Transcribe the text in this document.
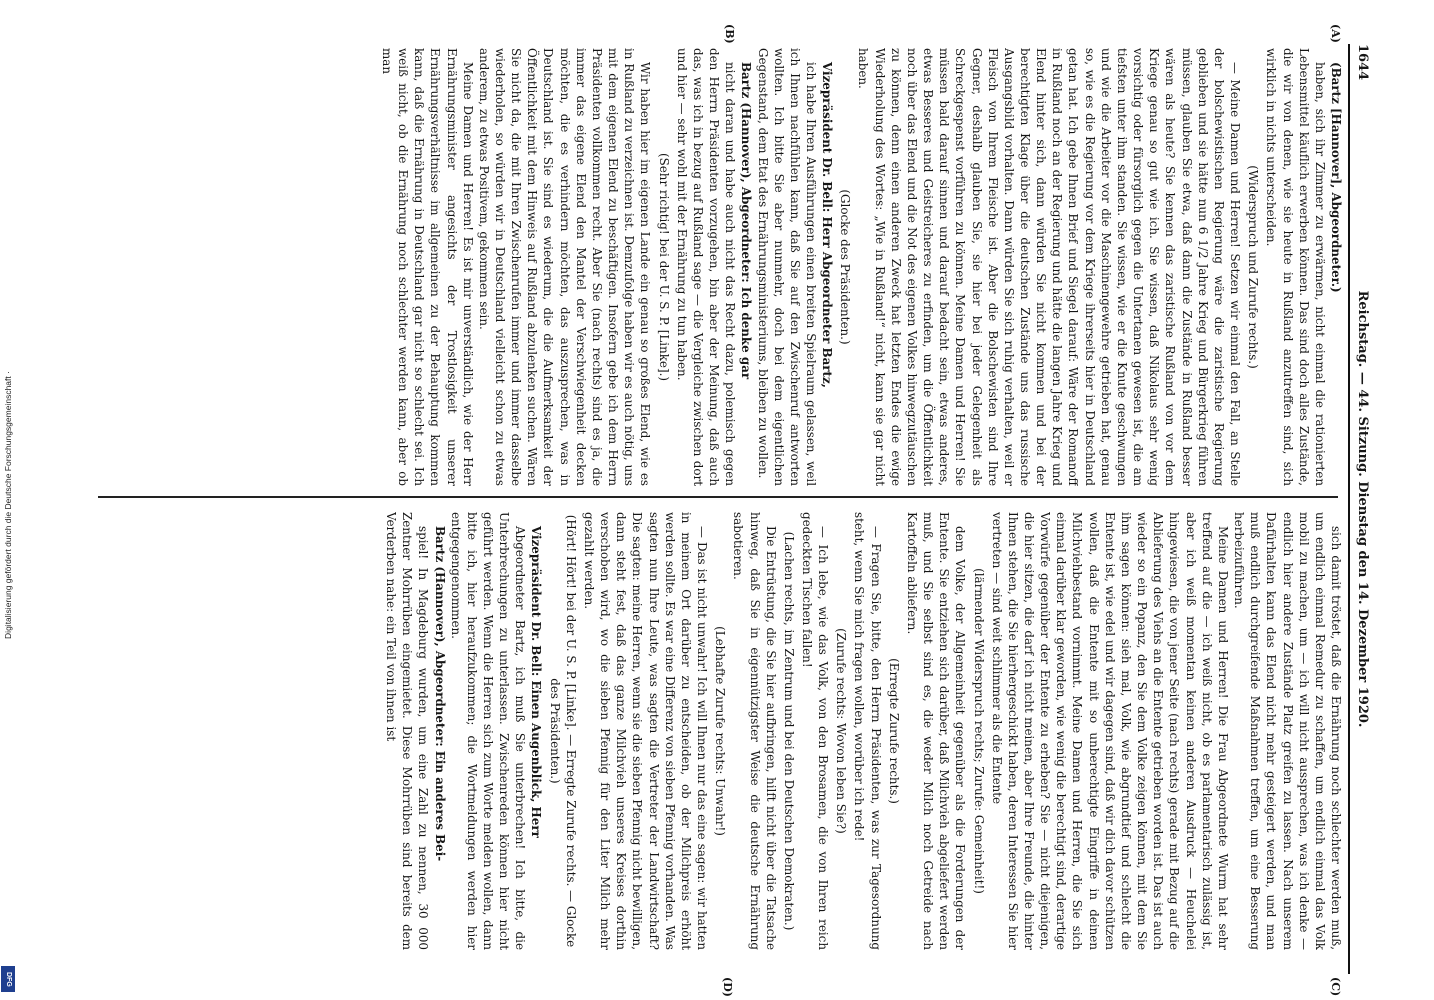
Digitalisierung gefördert durch die Deutsche Forschungsgemeinschaft ·
DFG
1644
Reichstag. — 44. Sitzung. Dienstag den 14. Dezember 1920.
(A)
(B)
(C)
(D)

(Bartz [Hannover], Abgeordneter.)

haben, sich ihr Zimmer zu erwärmen, nicht einmal die rationierten Lebensmittel käuflich erwerben können. Das sind doch alles Zustände, die wir von denen, wie sie heute in Rußland anzutreffen sind, sich wirklich in nichts unterscheiden.

(Widerspruch und Zurufe rechts.)

— Meine Damen und Herren! Setzen wir einmal den Fall, an Stelle der bolschewistischen Regierung wäre die zaristische Regierung geblieben und sie hätte nun 6 1/2 Jahre Krieg und Bürgerkrieg führen müssen, glauben Sie etwa, daß dann die Zustände in Rußland besser wären als heute? Sie kennen das zaristische Rußland von vor dem Kriege genau so gut wie ich. Sie wissen, daß Nikolaus sehr wenig vorsichtig oder fürsorglich gegen die Untertanen gewesen ist, die am tiefsten unter ihm standen. Sie wissen, wie er die Knute geschwungen und wie die Arbeiter vor die Maschinengewehre getrieben hat, genau so, wie es die Regierung vor dem Kriege ihrerseits hier in Deutschland getan hat. Ich gebe Ihnen Brief und Siegel darauf: Wäre der Romanoff in Rußland noch an der Regierung und hätte die langen Jahre Krieg und Elend hinter sich, dann würden Sie nicht kommen und bei der berechtigten Klage über die deutschen Zustände uns das russische Ausgangsbild vorhalten. Dann würden Sie sich ruhig verhalten, weil er Fleisch von Ihrem Fleische ist. Aber die Bolschewisten sind Ihre Gegner, deshalb glauben Sie, sie hier bei jeder Gelegenheit als Schreckgespenst vorführen zu können. Meine Damen und Herren! Sie müssen bald darauf sinnen und darauf bedacht sein, etwas anderes, etwas Besseres und Geistreicheres zu erfinden, um die Öffentlichkeit noch über das Elend und die Not des eigenen Volkes hinwegzutäuschen zu können, denn einen anderen Zweck hat letzten Endes die ewige Wiederholung des Wortes: „Wie in Rußland!“ nicht, kann sie gar nicht haben.

(Glocke des Präsidenten.)

Vizepräsident Dr. Bell: Herr Abgeordneter Bartz,

ich habe Ihren Ausführungen einen breiten Spielraum gelassen, weil ich Ihnen nachfühlen kann, daß Sie auf den Zwischenruf antworten wollten. Ich bitte Sie aber nunmehr, doch bei dem eigentlichen Gegenstand, dem Etat des Ernährungsministeriums, bleiben zu wollen.

Bartz (Hannover), Abgeordneter: Ich denke gar

nicht daran und habe auch nicht das Recht dazu, polemisch gegen den Herrn Präsidenten vorzugehen, bin aber der Meinung, daß auch das, was ich in bezug auf Rußland sage — die Vergleiche zwischen dort und hier — sehr wohl mit der Ernährung zu tun haben.

(Sehr richtig! bei der U. S. P. [Linke].)

Wir haben hier im eigenen Lande ein genau so großes Elend, wie es in Rußland zu verzeichnen ist. Demzufolge haben wir es auch nötig, uns mit dem eigenen Elend zu beschäftigen. Insofern gebe ich dem Herrn Präsidenten vollkommen recht. Aber Sie (nach rechts) sind es ja, die immer das eigene Elend den Mantel der Verschwiegenheit decken möchten, die es verhindern möchten, das auszusprechen, was in Deutschland ist. Sie sind es wiederum, die die Aufmerksamkeit der Öffentlichkeit mit dem Hinweis auf Rußland abzulenken suchen. Wären Sie nicht da, die mit Ihren Zwischenrufen immer und immer dasselbe wiederholen, so würden wir in Deutschland vielleicht schon zu etwas anderem, zu etwas Positivem, gekommen sein.

Meine Damen und Herren! Es ist mir unverständlich, wie der Herr Ernährungsminister angesichts der Trostlosigkeit unserer Ernährungsverhältnisse im allgemeinen zu der Behauptung kommen kann, daß die Ernährung in Deutschland gar nicht so schlecht sei. Ich weiß nicht, ob die Ernährung noch schlechter werden kann, aber ob man

sich damit tröstet, daß die Ernährung noch schlechter werden muß, um endlich einmal Remedur zu schaffen, um endlich einmal das Volk mobil zu machen, um — ich will nicht aussprechen, was ich denke — endlich hier andere Zustände Platz greifen zu lassen. Nach unserem Dafürhalten kann das Elend nicht mehr gesteigert werden, und man muß endlich durchgreifende Maßnahmen treffen, um eine Besserung herbeizuführen.

Meine Damen und Herren! Die Frau Abgeordnete Wurm hat sehr treffend auf die — ich weiß nicht, ob es parlamentarisch zulässig ist, aber ich weiß momentan keinen anderen Ausdruck — Heuchelei hingewiesen, die von jener Seite (nach rechts) gerade mit Bezug auf die Ablieferung des Viehs an die Entente getrieben worden ist. Das ist auch wieder so ein Popanz, den Sie dem Volke zeigen können, mit dem Sie ihm sagen können: sieh mal, Volk, wie abgrundtief und schlecht die Entente ist, wie edel und wir dagegen sind, daß wir dich davor schützen wollen, daß die Entente mit so unberechtigte Eingriffe in deinen Milchviehbestand vornimmt. Meine Damen und Herren, die Sie sich einmal darüber klar geworden, wie wenig die berechtigt sind, derartige Vorwürfe gegenüber der Entente zu erheben? Sie — nicht diejenigen, die hier sitzen, die darf ich nicht meinen, aber Ihre Freunde, die hinter Ihnen stehen, die Sie hierhergeschickt haben, deren Interessen Sie hier vertreten — sind weit schlimmer als die Entente

(lärmender Widerspruch rechts; Zurufe: Gemeinheit!)

dem Volke, der Allgemeinheit gegenüber als die Forderungen der Entente. Sie entziehen sich darüber, daß Milchvieh abgeliefert werden muß, und Sie selbst sind es, die weder Milch noch Getreide nach Kartoffeln abliefern.

(Erregte Zurufe rechts.)

— Fragen Sie, bitte, den Herrn Präsidenten, was zur Tagesordnung steht, wenn Sie mich fragen wollen, worüber ich rede!

(Zurufe rechts: Wovon leben Sie?)

— Ich lebe, wie das Volk, von den Brosamen, die von Ihren reich gedeckten Tischen fallen!

(Lachen rechts, im Zentrum und bei den Deutschen Demokraten.)

Die Entrüstung, die Sie hier aufbringen, hilft nicht über die Tatsache hinweg, daß Sie in eigennützigster Weise die deutsche Ernährung sabotieren.

(Lebhafte Zurufe rechts: Unwahr!)

— Das ist nicht unwahr! Ich will Ihnen nur das eine sagen: wir hatten in meinem Ort darüber zu entscheiden, ob der Milchpreis erhöht werden sollte. Es war eine Differenz von sieben Pfennig vorhanden. Was sagten nun Ihre Leute, was sagten die Vertreter der Landwirtschaft? Die sagten: meine Herren, wenn sie die sieben Pfennig nicht bewilligen, dann steht fest, daß das ganze Milchvieh unseres Kreises dorthin verschoben wird, wo die sieben Pfennig für den Liter Milch mehr gezahlt werden.

(Hört! Hört! bei der U. S. P. [Linke]. — Erregte Zurufe rechts. — Glocke des Präsidenten.)

Vizepräsident Dr. Bell: Einen Augenblick, Herr

Abgeordneter Bartz, ich muß Sie unterbrechen! Ich bitte, die Unterbrechungen zu unterlassen. Zwischenreden können hier nicht geführt werden. Wenn die Herren sich zum Worte melden wollen, dann bitte ich, hier heraufzukommen; die Wortmeldungen werden hier entgegengenommen.

Bartz (Hannover), Abgeordneter: Ein anderes Bei-

spiel! In Magdeburg wurden, um eine Zahl zu nennen, 30 000 Zentner Mohrrüben eingemietet. Diese Mohrrüben sind bereits dem Verderben nahe: ein Teil von ihnen ist
